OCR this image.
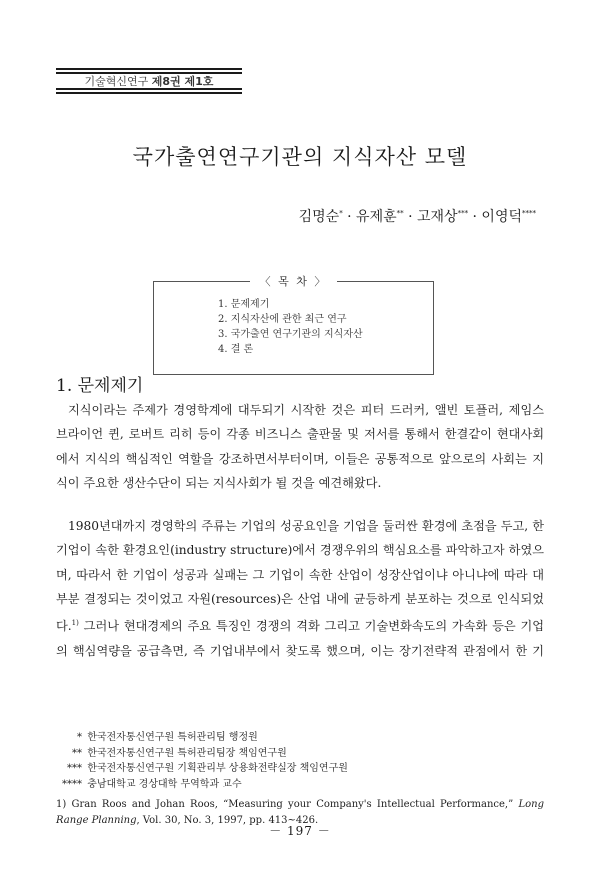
기술혁신연구 제8권 제1호
국가출연연구기관의 지식자산 모델
김명순* · 유제훈** · 고재상*** · 이영덕****
〈 목 차 〉
1. 문제제기
2. 지식자산에 관한 최근 연구
3. 국가출연 연구기관의 지식자산
4. 결 론
1. 문제제기
지식이라는 주제가 경영학계에 대두되기 시작한 것은 피터 드러커, 앨빈 토플러, 제임스
브라이언 퀸, 로버트 리히 등이 각종 비즈니스 출판물 및 저서를 통해서 한결같이 현대사회
에서 지식의 핵심적인 역할을 강조하면서부터이며, 이들은 공통적으로 앞으로의 사회는 지
식이 주요한 생산수단이 되는 지식사회가 될 것을 예견해왔다.
1980년대까지 경영학의 주류는 기업의 성공요인을 기업을 둘러싼 환경에 초점을 두고, 한
기업이 속한 환경요인(industry structure)에서 경쟁우위의 핵심요소를 파악하고자 하였으
며, 따라서 한 기업이 성공과 실패는 그 기업이 속한 산업이 성장산업이냐 아니냐에 따라 대
부분 결정되는 것이었고 자원(resources)은 산업 내에 균등하게 분포하는 것으로 인식되었
다.$^{1)}$ 그러나 현대경제의 주요 특징인 경쟁의 격화 그리고 기술변화속도의 가속화 등은 기업
의 핵심역량을 공급측면, 즉 기업내부에서 찾도록 했으며, 이는 장기전략적 관점에서 한 기
* 한국전자통신연구원 특허관리팀 행정원
** 한국전자통신연구원 특허관리팀장 책임연구원
*** 한국전자통신연구원 기획관리부 상용화전략실장 책임연구원
**** 충남대학교 경상대학 무역학과 교수
1) Gran Roos and Johan Roos, “Measuring your Company's Intellectual Performance,” Long Range Planning, Vol. 30, No. 3, 1997, pp. 413~426.
－ 197 －
